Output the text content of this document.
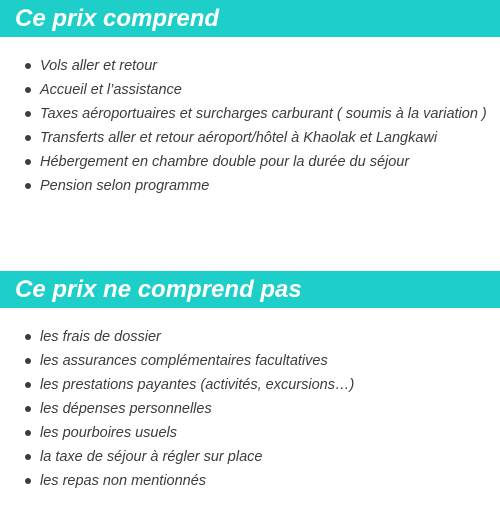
Ce prix comprend
Vols aller et retour
Accueil et l’assistance
Taxes aéroportuaires et surcharges carburant ( soumis à la variation )
Transferts aller et retour aéroport/hôtel à Khaolak et Langkawi
Hébergement en chambre double pour la durée du séjour
Pension selon programme
Ce prix ne comprend pas
les frais de dossier
les assurances complémentaires facultatives
les prestations payantes (activités, excursions…)
les dépenses personnelles
les pourboires usuels
la taxe de séjour à régler sur place
les repas non mentionnés
